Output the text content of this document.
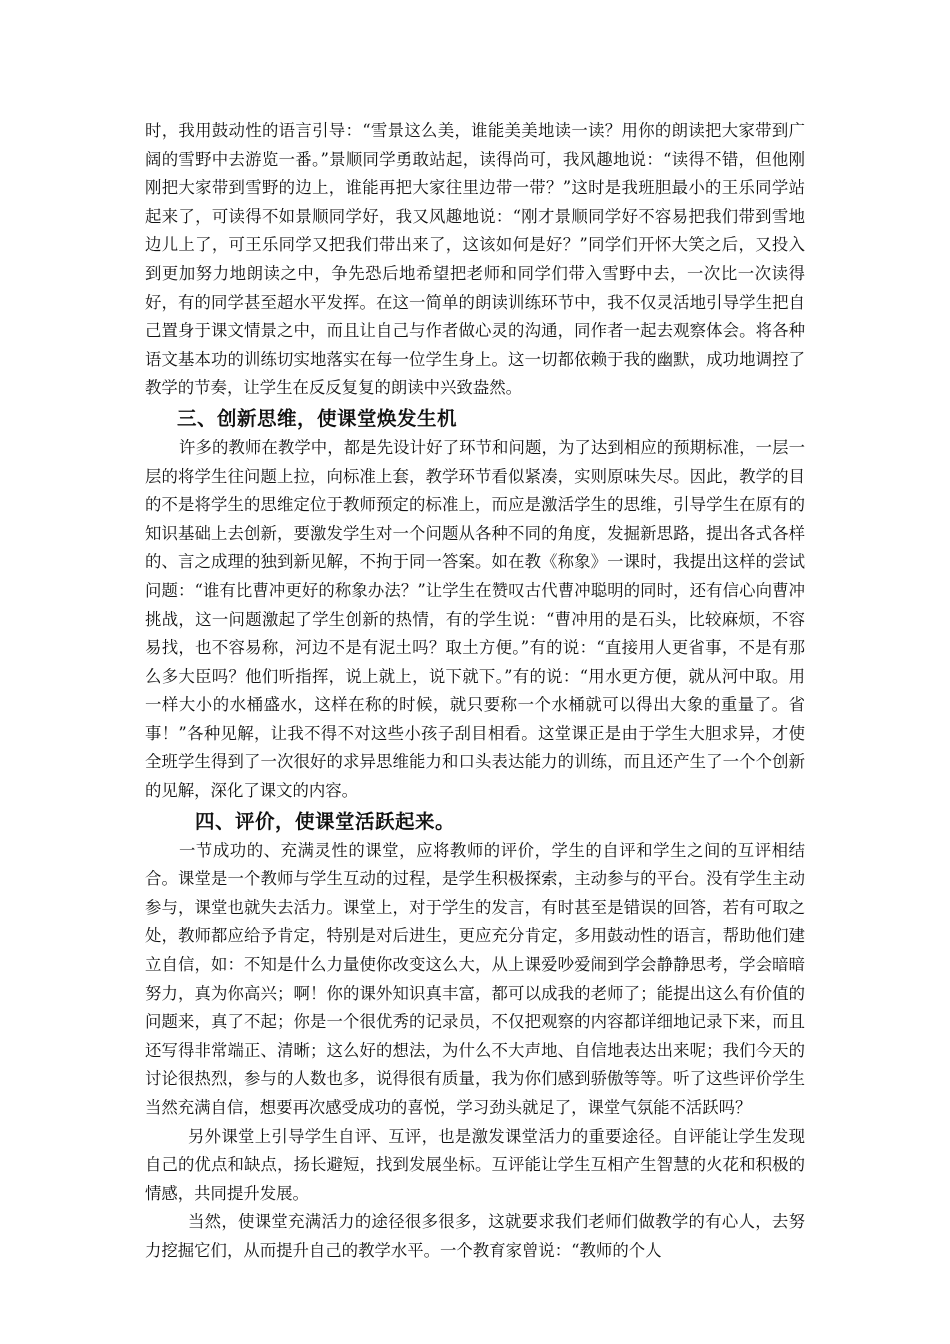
时，我用鼓动性的语言引导：“雪景这么美，谁能美美地读一读？用你的朗读把大家带到广阔的雪野中去游览一番。”景顺同学勇敢站起，读得尚可，我风趣地说：“读得不错，但他刚刚把大家带到雪野的边上，谁能再把大家往里边带一带？”这时是我班胆最小的王乐同学站起来了，可读得不如景顺同学好，我又风趣地说：“刚才景顺同学好不容易把我们带到雪地边儿上了，可王乐同学又把我们带出来了，这该如何是好？”同学们开怀大笑之后，又投入到更加努力地朗读之中，争先恐后地希望把老师和同学们带入雪野中去，一次比一次读得好，有的同学甚至超水平发挥。在这一简单的朗读训练环节中，我不仅灵活地引导学生把自己置身于课文情景之中，而且让自己与作者做心灵的沟通，同作者一起去观察体会。将各种语文基本功的训练切实地落实在每一位学生身上。这一切都依赖于我的幽默，成功地调控了教学的节奏，让学生在反反复复的朗读中兴致盎然。

三、创新思维，使课堂焕发生机

许多的教师在教学中，都是先设计好了环节和问题，为了达到相应的预期标准，一层一层的将学生往问题上拉，向标准上套，教学环节看似紧凑，实则原味失尽。因此，教学的目的不是将学生的思维定位于教师预定的标准上，而应是激活学生的思维，引导学生在原有的知识基础上去创新，要激发学生对一个问题从各种不同的角度，发掘新思路，提出各式各样的、言之成理的独到新见解，不拘于同一答案。如在教《称象》一课时，我提出这样的尝试问题：“谁有比曹冲更好的称象办法？”让学生在赞叹古代曹冲聪明的同时，还有信心向曹冲挑战，这一问题激起了学生创新的热情，有的学生说：“曹冲用的是石头，比较麻烦，不容易找，也不容易称，河边不是有泥土吗？取土方便。”有的说：“直接用人更省事，不是有那么多大臣吗？他们听指挥，说上就上，说下就下。”有的说：“用水更方便，就从河中取。用一样大小的水桶盛水，这样在称的时候，就只要称一个水桶就可以得出大象的重量了。省事！”各种见解，让我不得不对这些小孩子刮目相看。这堂课正是由于学生大胆求异，才使全班学生得到了一次很好的求异思维能力和口头表达能力的训练，而且还产生了一个个创新的见解，深化了课文的内容。

四、评价，使课堂活跃起来。

一节成功的、充满灵性的课堂，应将教师的评价，学生的自评和学生之间的互评相结合。课堂是一个教师与学生互动的过程，是学生积极探索，主动参与的平台。没有学生主动参与，课堂也就失去活力。课堂上，对于学生的发言，有时甚至是错误的回答，若有可取之处，教师都应给予肯定，特别是对后进生，更应充分肯定，多用鼓动性的语言，帮助他们建立自信，如：不知是什么力量使你改变这么大，从上课爱吵爱闹到学会静静思考，学会暗暗努力，真为你高兴；啊！你的课外知识真丰富，都可以成我的老师了；能提出这么有价值的问题来，真了不起；你是一个很优秀的记录员，不仅把观察的内容都详细地记录下来，而且还写得非常端正、清晰；这么好的想法，为什么不大声地、自信地表达出来呢；我们今天的讨论很热烈，参与的人数也多，说得很有质量，我为你们感到骄傲等等。听了这些评价学生当然充满自信，想要再次感受成功的喜悦，学习劲头就足了，课堂气氛能不活跃吗？

另外课堂上引导学生自评、互评，也是激发课堂活力的重要途径。自评能让学生发现自己的优点和缺点，扬长避短，找到发展坐标。互评能让学生互相产生智慧的火花和积极的情感，共同提升发展。

当然，使课堂充满活力的途径很多很多，这就要求我们老师们做教学的有心人，去努力挖掘它们，从而提升自己的教学水平。一个教育家曾说：“教师的个人
